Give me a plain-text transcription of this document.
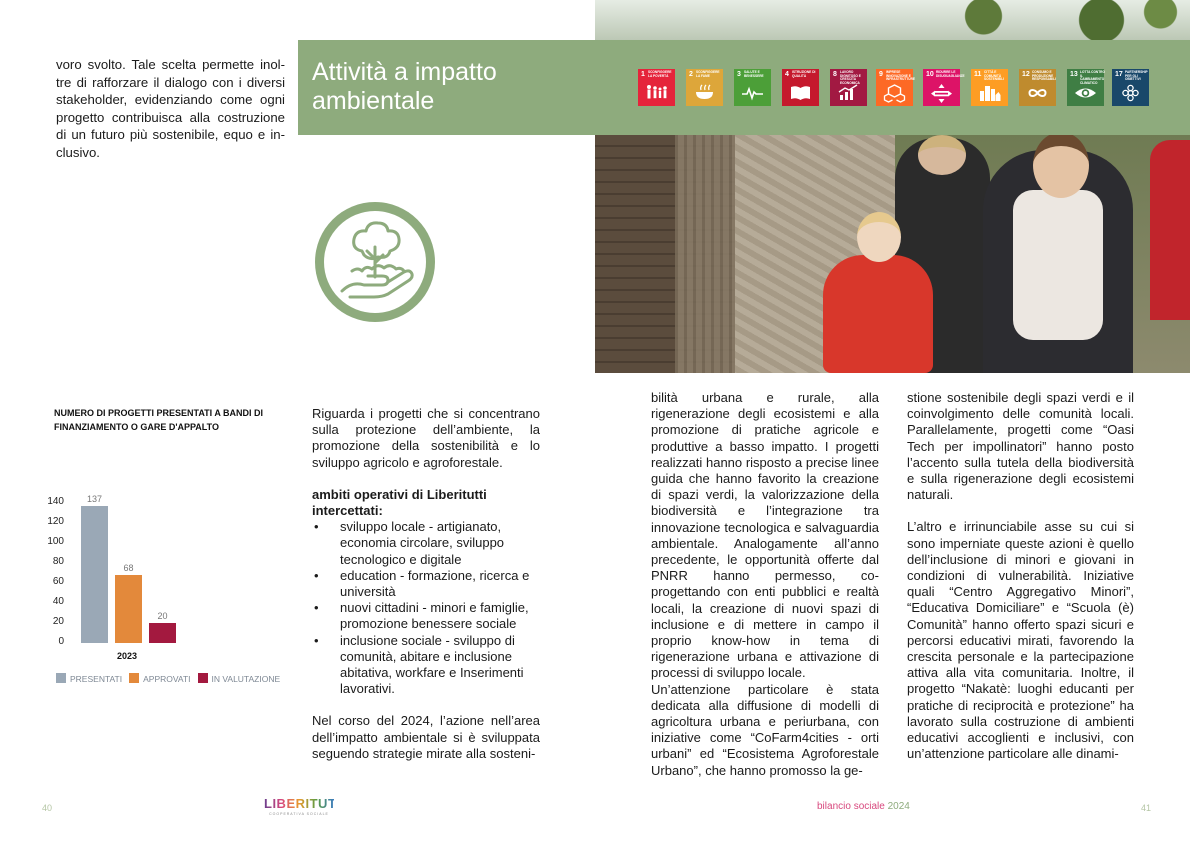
voro svolto. Tale scelta permette inol-
tre di rafforzare il dialogo con i diversi
stakeholder, evidenziando come ogni
progetto contribuisca alla costruzione
di un futuro più sostenibile, equo e in-
clusivo.
Attività a impatto
ambientale
1 SCONFIGGERE LA POVERTÀ	2 SCONFIGGERE LA FAME	3 SALUTE E BENESSERE	4 ISTRUZIONE DI QUALITÀ	8 LAVORO DIGNITOSO E CRESCITA ECONOMICA
9 IMPRESE INNOVAZIONE E INFRASTRUTTURE
10 RIDURRE LE DISUGUAGLIANZE 11 CITTÀ E COMUNITÀ SOSTENIBILI
12 CONSUMO E PRODUZIONE RESPONSABILI
13 LOTTA CONTRO IL CAMBIAMENTO CLIMATICO
17 PARTNERSHIP PER GLI OBIETTIVI
NUMERO DI PROGETTI PRESENTATI A BANDI DI FINANZIAMENTO O GARE D'APPALTO
140
120
100
80
60
40
20
0
137
68
20
2023
PRESENTATI APPROVATI IN VALUTAZIONE

Riguarda i progetti che si concentrano sulla protezione dell’ambiente, la promozione della sostenibilità e lo sviluppo agricolo e agroforestale.

ambiti operativi di Liberitutti intercettati:

• sviluppo locale - artigianato, economia circolare, sviluppo tecnologico e digitale
• education - formazione, ricerca e università
• nuovi cittadini - minori e famiglie, promozione benessere sociale
• inclusione sociale - sviluppo di comunità, abitare e inclusione abitativa, workfare e Inserimenti lavorativi.

Nel corso del 2024, l’azione nell’area dell’impatto ambientale si è sviluppata seguendo strategie mirate alla sosteni-

bilità urbana e rurale, alla rigenerazione degli ecosistemi e alla promozione di pratiche agricole e produttive a basso impatto. I progetti realizzati hanno risposto a precise linee guida che hanno favorito la creazione di spazi verdi, la valorizzazione della biodiversità e l’integrazione tra innovazione tecnologica e salvaguardia ambientale. Analogamente all’anno precedente, le opportunità offerte dal PNRR hanno permesso, co-progettando con enti pubblici e realtà locali, la creazione di nuovi spazi di inclusione e di mettere in campo il proprio know-how in tema di rigenerazione urbana e attivazione di processi di sviluppo locale.

Un’attenzione particolare è stata dedicata alla diffusione di modelli di agricoltura urbana e periurbana, con iniziative come “CoFarm4cities - orti urbani” ed “Ecosistema Agroforestale Urbano”, che hanno promosso la ge-

stione sostenibile degli spazi verdi e il coinvolgimento delle comunità locali. Parallelamente, progetti come “Oasi Tech per impollinatori” hanno posto l’accento sulla tutela della biodiversità e sulla rigenerazione degli ecosistemi naturali.

L’altro e irrinunciabile asse su cui si sono imperniate queste azioni è quello dell’inclusione di minori e giovani in condizioni di vulnerabilità. Iniziative quali “Centro Aggregativo Minori”, “Educativa Domiciliare” e “Scuola (è) Comunità” hanno offerto spazi sicuri e percorsi educativi mirati, favorendo la crescita personale e la partecipazione attiva alla vita comunitaria. Inoltre, il progetto “Nakatè: luoghi educanti per pratiche di reciprocità e protezione” ha lavorato sulla costruzione di ambienti educativi accoglienti e inclusivi, con un’attenzione particolare alle dinami-

40	LIBERITUTTI
COOPERATIVA SOCIALE
bilancio sociale 2024	41
